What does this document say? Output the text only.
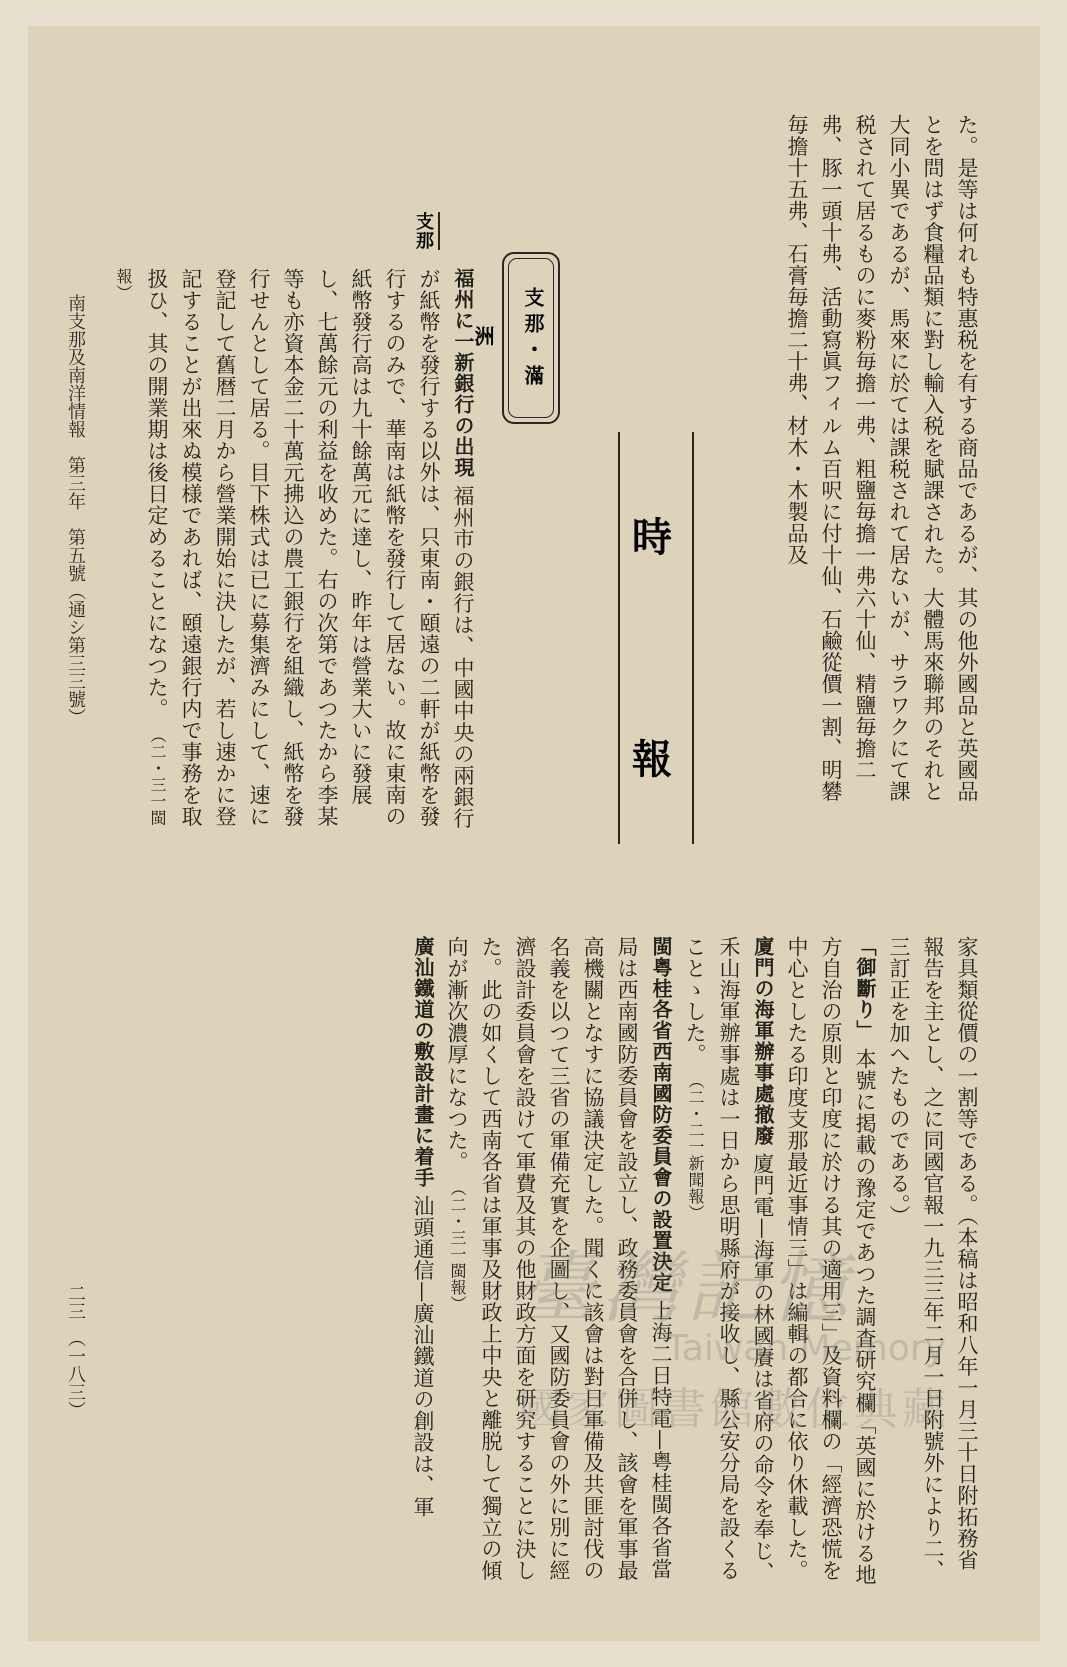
た。是等は何れも特惠税を有する商品であるが、其の他外國品と英國品とを問はず食糧品類に對し輸入税を賦課された。大體馬來聯邦のそれと大同小異であるが、馬來に於ては課税されて居ないが、サラワクにて課税されて居るものに麥粉毎擔一弗、粗鹽毎擔一弗六十仙、精鹽毎擔二弗、豚一頭十弗、活動寫眞フィルム百呎に付十仙、石鹼從價一割、明礬毎擔十五弗、石膏毎擔二十弗、材木・木製品及

時
報
支那・滿洲
支那
福州に一新銀行の出現 福州市の銀行は、中國中央の兩銀行が紙幣を發行する以外は、只東南・頤遠の二軒が紙幣を發行するのみで、華南は紙幣を發行して居ない。故に東南の紙幣發行高は九十餘萬元に達し、昨年は營業大いに發展し、七萬餘元の利益を收めた。右の次第であつたから李某等も亦資本金二十萬元拂込の農工銀行を組織し、紙幣を發行せんとして居る。目下株式は已に募集濟みにして、速に登記して舊暦二月から營業開始に決したが、若し速かに登記することが出來ぬ模様であれば、頤遠銀行内で事務を取扱ひ、其の開業期は後日定めることになつた。 （二・三一閩報）

家具類從價の一割等である。（本稿は昭和八年一月三十日附拓務省報告を主とし、之に同國官報一九三三年二月一日附號外により二、三訂正を加へたものである。）

「御斷り」 本號に掲載の豫定であつた調査研究欄「英國に於ける地方自治の原則と印度に於ける其の適用三」及資料欄の「經濟恐慌を中心としたる印度支那最近事情三」は編輯の都合に依り休載した。

廈門の海軍辦事處撤廢 廈門電—海軍の林國賡は省府の命令を奉じ、禾山海軍辦事處は一日から思明縣府が接收し、縣公安分局を設くることゝした。 （二・二一新聞報）

閩粤桂各省西南國防委員會の設置決定 上海二日特電—粤桂閩各省當局は西南國防委員會を設立し、政務委員會を合併し、該會を軍事最高機關となすに協議決定した。聞くに該會は對日軍備及共匪討伐の名義を以つて三省の軍備充實を企圖し、又國防委員會の外に別に經濟設計委員會を設けて軍費及其の他財政方面を研究することに決した。此の如くして西南各省は軍事及財政上中央と離脱して獨立の傾向が漸次濃厚になつた。 （二・三一閩報）

廣汕鐵道の敷設計畫に着手 汕頭通信—廣汕鐵道の創設は、軍

南支那及南洋情報　第三年　第五號（通シ第三三號）
二三　（一八三）	臺灣記憶
Taiwan Memory
國家圖書館數位典藏
